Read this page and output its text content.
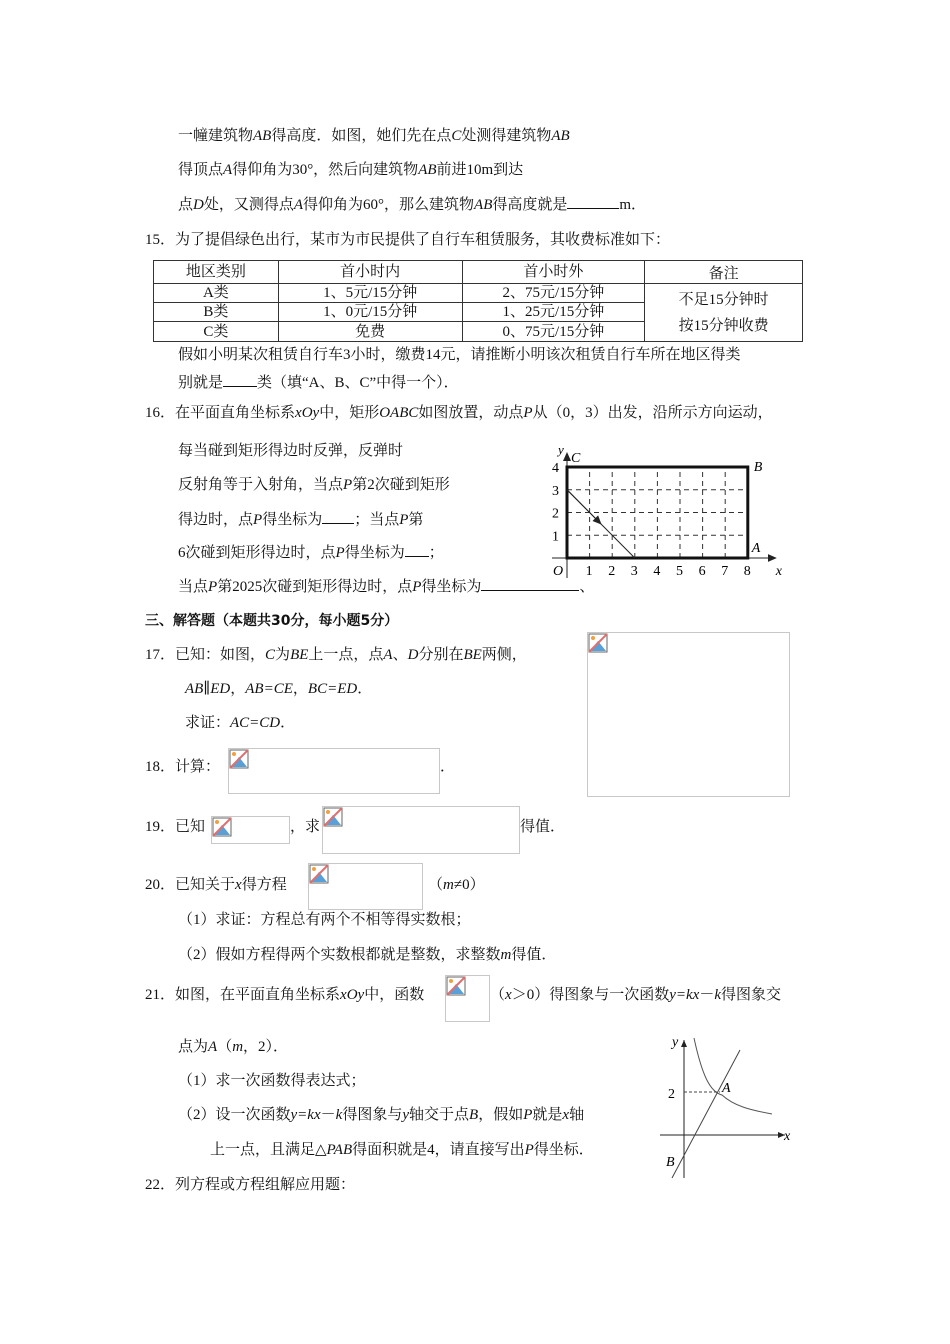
一幢建筑物AB得高度．如图，她们先在点C处测得建筑物AB
得顶点A得仰角为30°，然后向建筑物AB前进10m到达
点D处，又测得点A得仰角为60°，那么建筑物AB得高度就是	m．
15．为了提倡绿色出行，某市为市民提供了自行车租赁服务，其收费标准如下：
地区类别	首小时内	首小时外	备注
A类	1、5元/15分钟	2、75元/15分钟	不足15分钟时
按15分钟收费

B类	1、0元/15分钟	1、25元/15分钟	
C类	免费	0、75元/15分钟	
假如小明某次租赁自行车3小时，缴费14元，请推断小明该次租赁自行车所在地区得类
别就是 类（填“A、B、C”中得一个）．
16．在平面直角坐标系xOy中，矩形OABC如图放置，动点P从（0，3）出发，沿所示方向运动，
每当碰到矩形得边时反弹，反弹时
反射角等于入射角，当点P第2次碰到矩形
得边时，点P得坐标为 ；当点P第
6次碰到矩形得边时，点P得坐标为 ；
当点P第2025次碰到矩形得边时，点P得坐标为	、
1 2 3 4 5 6 7 8
1
2
3
4
O
A
B
C
x
y
三、解答题（本题共30分，每小题5分）
17．已知：如图，C为BE上一点，点A、D分别在BE两侧，
AB∥ED，AB=CE，BC=ED．
求证：AC=CD．
18．计算：	．
19．已知	，求	得值．
20．已知关于x得方程	（m≠0）
（1）求证：方程总有两个不相等得实数根；
（2）假如方程得两个实数根都就是整数，求整数m得值．
21．如图，在平面直角坐标系xOy中，函数	（x＞0）得图象与一次函数y=kx－k得图象交
点为A（m，2）．
（1）求一次函数得表达式；
（2）设一次函数y=kx－k得图象与y轴交于点B，假如P就是x轴
上一点，且满足△PAB得面积就是4，请直接写出P得坐标．
y
x
A
2
B
22．列方程或方程组解应用题：
